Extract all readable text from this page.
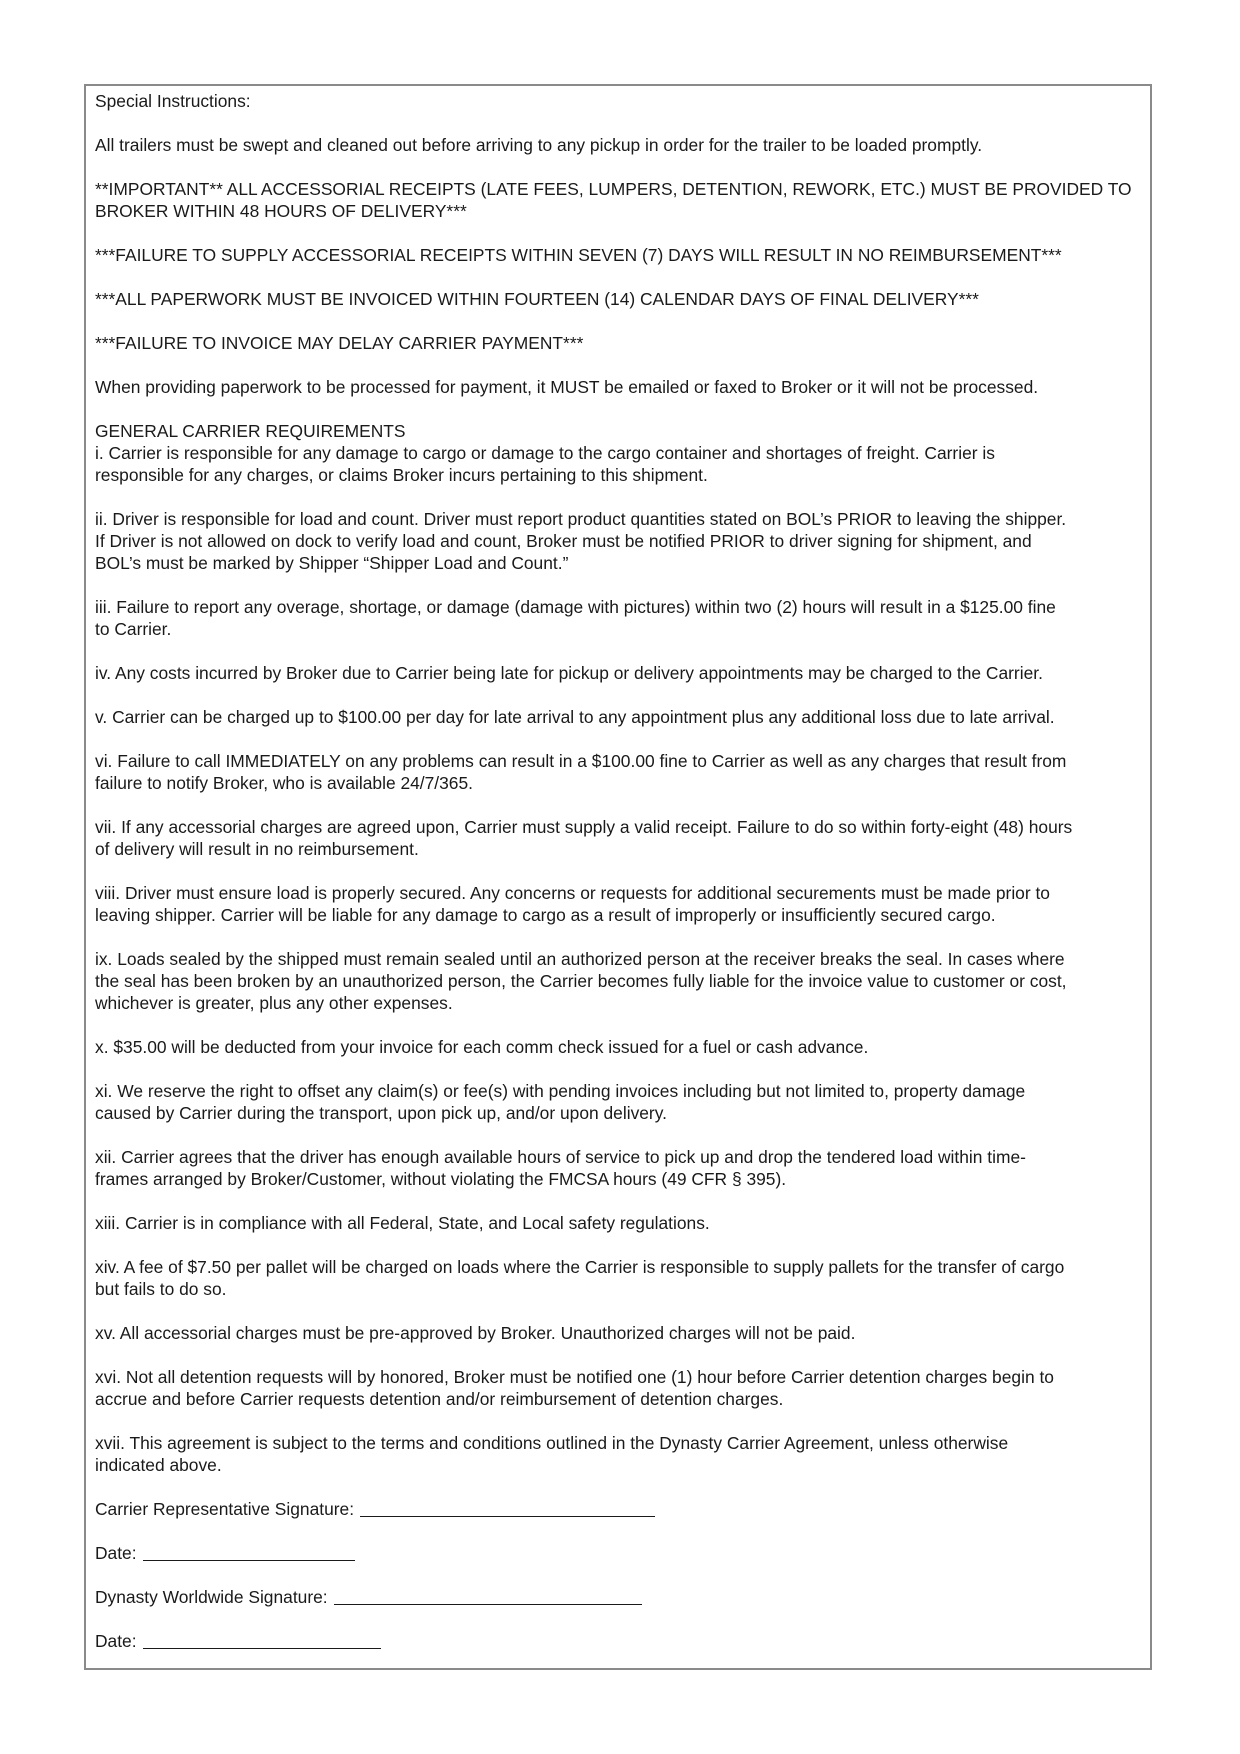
Special Instructions:

All trailers must be swept and cleaned out before arriving to any pickup in order for the trailer to be loaded promptly.

**IMPORTANT** ALL ACCESSORIAL RECEIPTS (LATE FEES, LUMPERS, DETENTION, REWORK, ETC.) MUST BE PROVIDED TO

BROKER WITHIN 48 HOURS OF DELIVERY***

***FAILURE TO SUPPLY ACCESSORIAL RECEIPTS WITHIN SEVEN (7) DAYS WILL RESULT IN NO REIMBURSEMENT***

***ALL PAPERWORK MUST BE INVOICED WITHIN FOURTEEN (14) CALENDAR DAYS OF FINAL DELIVERY***

***FAILURE TO INVOICE MAY DELAY CARRIER PAYMENT***

When providing paperwork to be processed for payment, it MUST be emailed or faxed to Broker or it will not be processed.

GENERAL CARRIER REQUIREMENTS

i. Carrier is responsible for any damage to cargo or damage to the cargo container and shortages of freight. Carrier is

responsible for any charges, or claims Broker incurs pertaining to this shipment.

ii. Driver is responsible for load and count. Driver must report product quantities stated on BOL’s PRIOR to leaving the shipper.

If Driver is not allowed on dock to verify load and count, Broker must be notified PRIOR to driver signing for shipment, and

BOL’s must be marked by Shipper “Shipper Load and Count.”

iii. Failure to report any overage, shortage, or damage (damage with pictures) within two (2) hours will result in a $125.00 fine

to Carrier.

iv. Any costs incurred by Broker due to Carrier being late for pickup or delivery appointments may be charged to the Carrier.

v. Carrier can be charged up to $100.00 per day for late arrival to any appointment plus any additional loss due to late arrival.

vi. Failure to call IMMEDIATELY on any problems can result in a $100.00 fine to Carrier as well as any charges that result from

failure to notify Broker, who is available 24/7/365.

vii. If any accessorial charges are agreed upon, Carrier must supply a valid receipt. Failure to do so within forty-eight (48) hours

of delivery will result in no reimbursement.

viii. Driver must ensure load is properly secured. Any concerns or requests for additional securements must be made prior to

leaving shipper. Carrier will be liable for any damage to cargo as a result of improperly or insufficiently secured cargo.

ix. Loads sealed by the shipped must remain sealed until an authorized person at the receiver breaks the seal. In cases where

the seal has been broken by an unauthorized person, the Carrier becomes fully liable for the invoice value to customer or cost,

whichever is greater, plus any other expenses.

x. $35.00 will be deducted from your invoice for each comm check issued for a fuel or cash advance.

xi. We reserve the right to offset any claim(s) or fee(s) with pending invoices including but not limited to, property damage

caused by Carrier during the transport, upon pick up, and/or upon delivery.

xii. Carrier agrees that the driver has enough available hours of service to pick up and drop the tendered load within time-

frames arranged by Broker/Customer, without violating the FMCSA hours (49 CFR § 395).

xiii. Carrier is in compliance with all Federal, State, and Local safety regulations.

xiv. A fee of $7.50 per pallet will be charged on loads where the Carrier is responsible to supply pallets for the transfer of cargo

but fails to do so.

xv. All accessorial charges must be pre-approved by Broker. Unauthorized charges will not be paid.

xvi. Not all detention requests will by honored, Broker must be notified one (1) hour before Carrier detention charges begin to

accrue and before Carrier requests detention and/or reimbursement of detention charges.

xvii. This agreement is subject to the terms and conditions outlined in the Dynasty Carrier Agreement, unless otherwise

indicated above.

Carrier Representative Signature:
Date:
Dynasty Worldwide Signature:
Date:
